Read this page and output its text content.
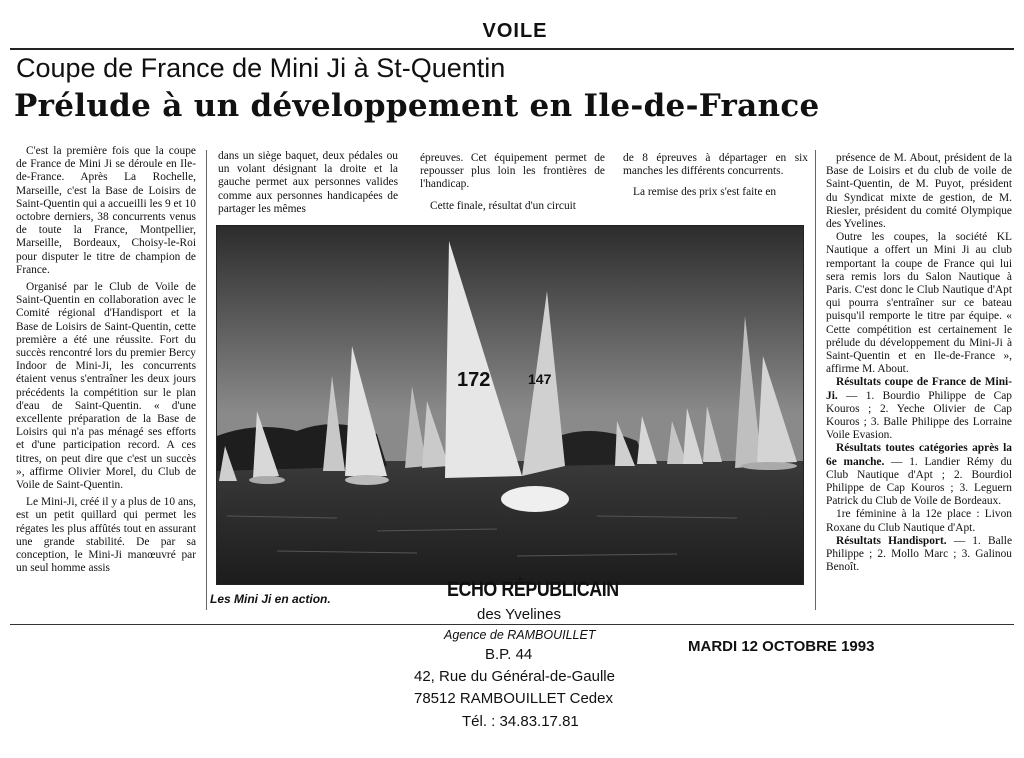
VOILE
Coupe de France de Mini Ji à St-Quentin
Prélude à un développement en Ile-de-France

C'est la première fois que la coupe de France de Mini Ji se déroule en Ile-de-France. Après La Rochelle, Marseille, c'est la Base de Loisirs de Saint-Quentin qui a accueilli les 9 et 10 octobre derniers, 38 concurrents venus de toute la France, Montpellier, Marseille, Bordeaux, Choisy-le-Roi pour disputer le titre de champion de France.

Organisé par le Club de Voile de Saint-Quentin en collaboration avec le Comité régional d'Handisport et la Base de Loisirs de Saint-Quentin, cette première a été une réussite. Fort du succès rencontré lors du premier Bercy Indoor de Mini-Ji, les concurrents étaient venus s'entraîner les deux jours précédents la compétition sur le plan d'eau de Saint-Quentin. « d'une excellente préparation de la Base de Loisirs qui n'a pas ménagé ses efforts et d'une participation record. A ces titres, on peut dire que c'est un succès », affirme Olivier Morel, du Club de Voile de Saint-Quentin.

Le Mini-Ji, créé il y a plus de 10 ans, est un petit quillard qui permet les régates les plus affûtés tout en assurant une grande stabilité. De par sa conception, le Mini-Ji manœuvré par un seul homme assis

dans un siège baquet, deux pédales ou un volant désignant la droite et la gauche permet aux personnes valides comme aux personnes handicapées de partager les mêmes

épreuves. Cet équipement permet de repousser plus loin les frontières de l'handicap.

Cette finale, résultat d'un circuit

de 8 épreuves à départager en six manches les différents concurrents.

La remise des prix s'est faite en

présence de M. About, président de la Base de Loisirs et du club de voile de Saint-Quentin, de M. Puyot, président du Syndicat mixte de gestion, de M. Riesler, président du comité Olympique des Yvelines.

Outre les coupes, la société KL Nautique a offert un Mini Ji au club remportant la coupe de France qui lui sera remis lors du Salon Nautique à Paris. C'est donc le Club Nautique d'Apt qui pourra s'entraîner sur ce bateau puisqu'il remporte le titre par équipe. « Cette compétition est certainement le prélude du développement du Mini-Ji à Saint-Quentin et en Ile-de-France », affirme M. About.

Résultats coupe de France de Mini-Ji. — 1. Bourdio Philippe de Cap Kouros ; 2. Yeche Olivier de Cap Kouros ; 3. Balle Philippe des Lorraine Voile Evasion.

Résultats toutes catégories après la 6e manche. — 1. Landier Rémy du Club Nautique d'Apt ; 2. Bourdiol Philippe de Cap Kouros ; 3. Leguern Patrick du Club de Voile de Bordeaux.

1re féminine à la 12e place : Livon Roxane du Club Nautique d'Apt.

Résultats Handisport. — 1. Balle Philippe ; 2. Mollo Marc ; 3. Galinou Benoît.

172	147
Les Mini Ji en action.	ECHO RÉPUBLICAIN
des Yvelines
Agence de RAMBOUILLET
MARDI 12 OCTOBRE 1993
B.P. 44
42, Rue du Général-de-Gaulle
78512 RAMBOUILLET Cedex
Tél. : 34.83.17.81
